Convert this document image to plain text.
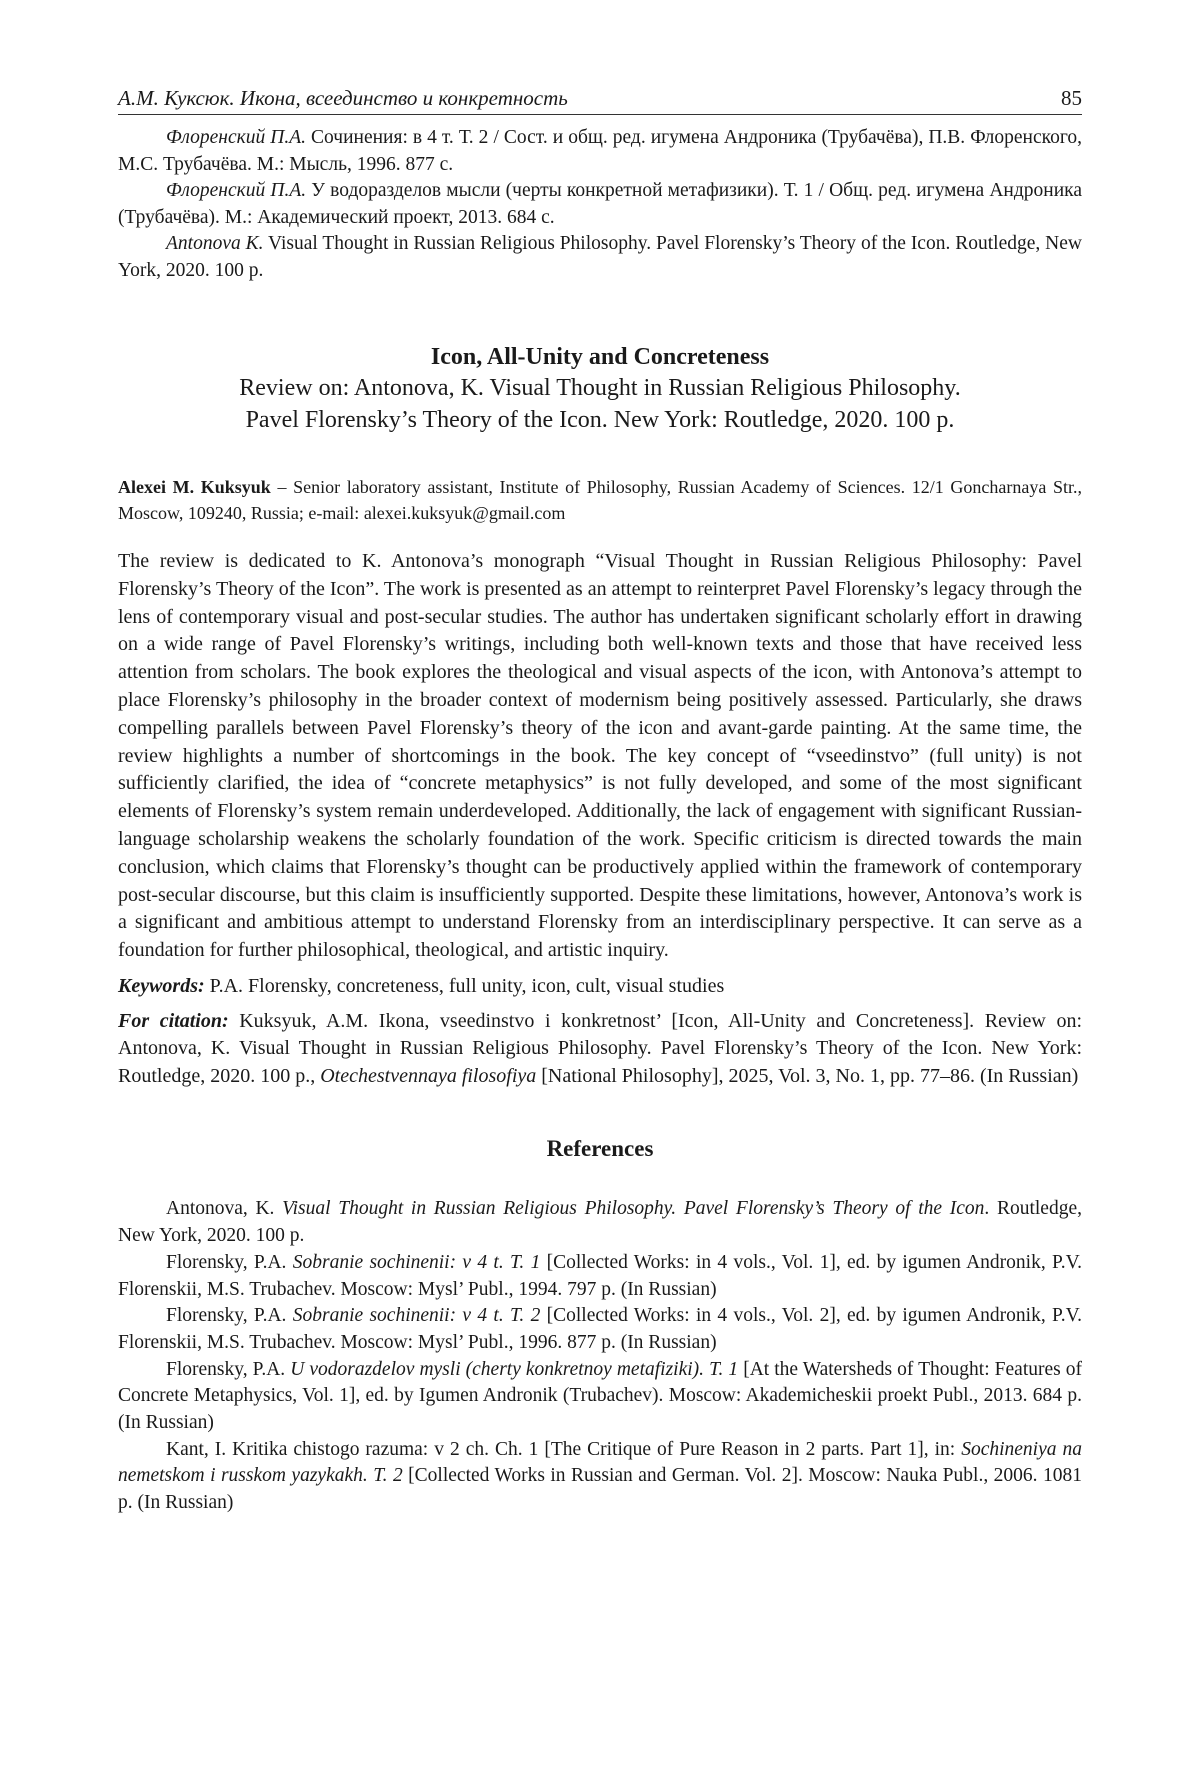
А.М. Куксюк. Икона, всеединство и конкретность	85

Флоренский П.А. Сочинения: в 4 т. Т. 2 / Сост. и общ. ред. игумена Андроника (Трубачёва), П.В. Флоренского, М.С. Трубачёва. М.: Мысль, 1996. 877 с.

Флоренский П.А. У водоразделов мысли (черты конкретной метафизики). Т. 1 / Общ. ред. игумена Андроника (Трубачёва). М.: Академический проект, 2013. 684 с.

Antonova K. Visual Thought in Russian Religious Philosophy. Pavel Florensky’s Theory of the Icon. Routledge, New York, 2020. 100 p.

Icon, All-Unity and Concreteness
Review on: Antonova, K. Visual Thought in Russian Religious Philosophy.
Pavel Florensky’s Theory of the Icon. New York: Routledge, 2020. 100 p.
Alexei M. Kuksyuk – Senior laboratory assistant, Institute of Philosophy, Russian Academy of Sciences. 12/1 Goncharnaya Str., Moscow, 109240, Russia; e-mail: alexei.kuksyuk@gmail.com

The review is dedicated to K. Antonova’s monograph “Visual Thought in Russian Religious Philosophy: Pavel Florensky’s Theory of the Icon”. The work is presented as an attempt to reinterpret Pavel Florensky’s legacy through the lens of contemporary visual and post-secular studies. The author has undertaken significant scholarly effort in drawing on a wide range of Pavel Florensky’s writings, including both well-known texts and those that have received less attention from scholars. The book explores the theological and visual aspects of the icon, with Antonova’s attempt to place Florensky’s philosophy in the broader context of modernism being positively assessed. Particularly, she draws compelling parallels between Pavel Florensky’s theory of the icon and avant-garde painting. At the same time, the review highlights a number of shortcomings in the book. The key concept of “vseedinstvo” (full unity) is not sufficiently clarified, the idea of “concrete metaphysics” is not fully developed, and some of the most significant elements of Florensky’s system remain underdeveloped. Additionally, the lack of engagement with significant Russian-language scholarship weakens the scholarly foundation of the work. Specific criticism is directed towards the main conclusion, which claims that Florensky’s thought can be productively applied within the framework of contemporary post-secular discourse, but this claim is insufficiently supported. Despite these limitations, however, Antonova’s work is a significant and ambitious attempt to understand Florensky from an interdisciplinary perspective. It can serve as a foundation for further philosophical, theological, and artistic inquiry.

Keywords: P.A. Florensky, concreteness, full unity, icon, cult, visual studies
For citation: Kuksyuk, A.M. Ikona, vseedinstvo i konkretnost’ [Icon, All-Unity and Concreteness]. Review on: Antonova, K. Visual Thought in Russian Religious Philosophy. Pavel Florensky’s Theory of the Icon. New York: Routledge, 2020. 100 p., Otechestvennaya filosofiya [National Philosophy], 2025, Vol. 3, No. 1, pp. 77–86. (In Russian)
References

Antonova, K. Visual Thought in Russian Religious Philosophy. Pavel Florensky’s Theory of the Icon. Routledge, New York, 2020. 100 p.

Florensky, P.A. Sobranie sochinenii: v 4 t. T. 1 [Collected Works: in 4 vols., Vol. 1], ed. by igumen Andronik, P.V. Florenskii, M.S. Trubachev. Moscow: Mysl’ Publ., 1994. 797 p. (In Russian)

Florensky, P.A. Sobranie sochinenii: v 4 t. T. 2 [Collected Works: in 4 vols., Vol. 2], ed. by igumen Andronik, P.V. Florenskii, M.S. Trubachev. Moscow: Mysl’ Publ., 1996. 877 p. (In Russian)

Florensky, P.A. U vodorazdelov mysli (cherty konkretnoy metafiziki). T. 1 [At the Watersheds of Thought: Features of Concrete Metaphysics, Vol. 1], ed. by Igumen Andronik (Trubachev). Moscow: Akademicheskii proekt Publ., 2013. 684 p. (In Russian)

Kant, I. Kritika chistogo razuma: v 2 ch. Ch. 1 [The Critique of Pure Reason in 2 parts. Part 1], in: Sochineniya na nemetskom i russkom yazykakh. T. 2 [Collected Works in Russian and German. Vol. 2]. Moscow: Nauka Publ., 2006. 1081 p. (In Russian)
